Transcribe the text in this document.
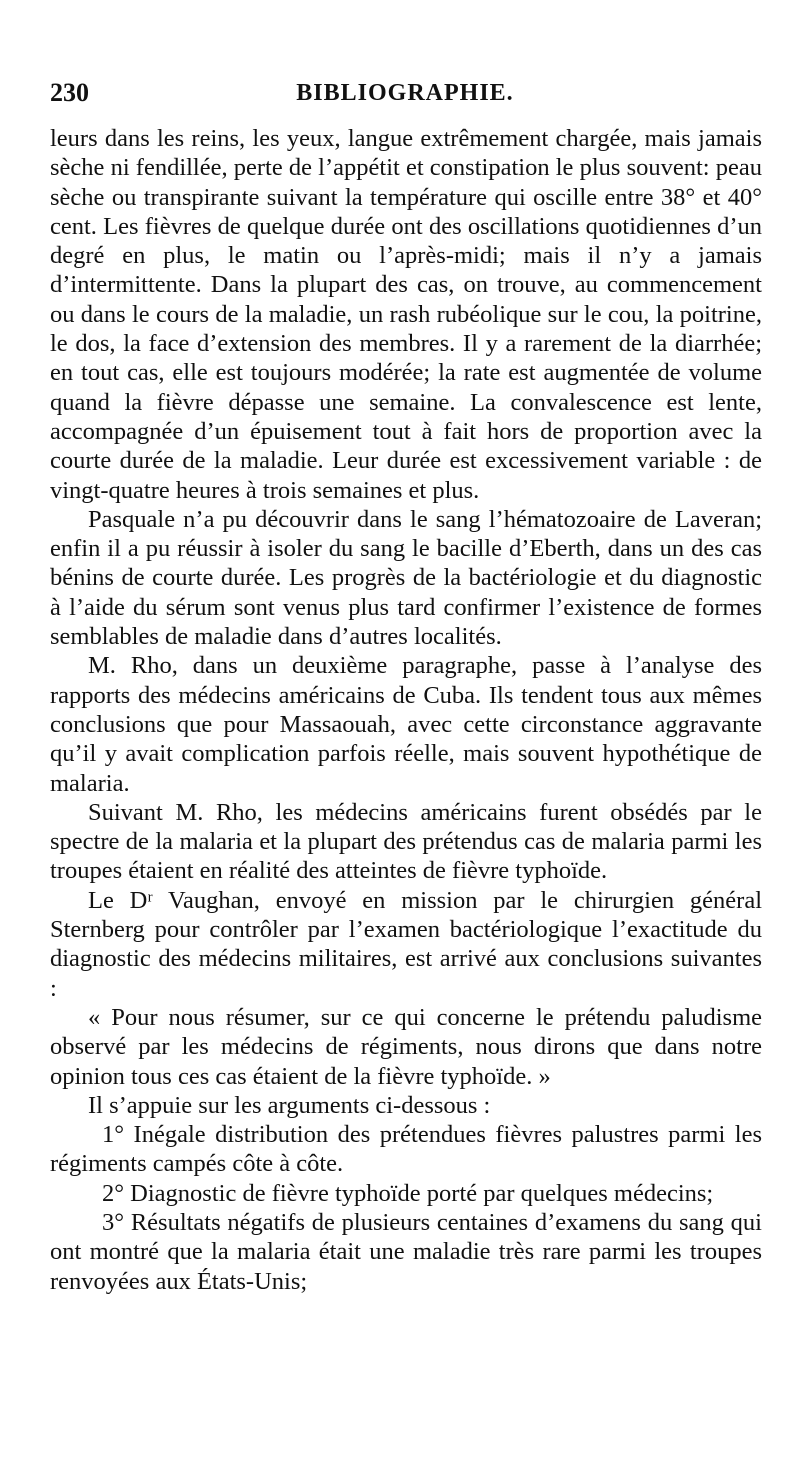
230	BIBLIOGRAPHIE.

leurs dans les reins, les yeux, langue extrêmement chargée, mais jamais sèche ni fendillée, perte de l’appétit et constipation le plus souvent: peau sèche ou transpirante suivant la température qui oscille entre 38° et 40° cent. Les fièvres de quelque durée ont des oscillations quotidiennes d’un degré en plus, le matin ou l’après-midi; mais il n’y a jamais d’intermittente. Dans la plupart des cas, on trouve, au commencement ou dans le cours de la maladie, un rash rubéolique sur le cou, la poitrine, le dos, la face d’extension des membres. Il y a rarement de la diarrhée; en tout cas, elle est toujours modérée; la rate est augmentée de volume quand la fièvre dépasse une semaine. La convalescence est lente, accompagnée d’un épuisement tout à fait hors de proportion avec la courte durée de la maladie. Leur durée est excessivement variable : de vingt-quatre heures à trois semaines et plus.

Pasquale n’a pu découvrir dans le sang l’hématozoaire de Laveran; enfin il a pu réussir à isoler du sang le bacille d’Eberth, dans un des cas bénins de courte durée. Les progrès de la bactériologie et du diagnostic à l’aide du sérum sont venus plus tard confirmer l’existence de formes semblables de maladie dans d’autres localités.

M. Rho, dans un deuxième paragraphe, passe à l’analyse des rapports des médecins américains de Cuba. Ils tendent tous aux mêmes conclusions que pour Massaouah, avec cette circonstance aggravante qu’il y avait complication parfois réelle, mais souvent hypothétique de malaria.

Suivant M. Rho, les médecins américains furent obsédés par le spectre de la malaria et la plupart des prétendus cas de malaria parmi les troupes étaient en réalité des atteintes de fièvre typhoïde.

Le Dʳ Vaughan, envoyé en mission par le chirurgien général Sternberg pour contrôler par l’examen bactériologique l’exactitude du diagnostic des médecins militaires, est arrivé aux conclusions suivantes :

« Pour nous résumer, sur ce qui concerne le prétendu paludisme observé par les médecins de régiments, nous dirons que dans notre opinion tous ces cas étaient de la fièvre typhoïde. »

Il s’appuie sur les arguments ci-dessous :

1° Inégale distribution des prétendues fièvres palustres parmi les régiments campés côte à côte.

2° Diagnostic de fièvre typhoïde porté par quelques médecins;

3° Résultats négatifs de plusieurs centaines d’examens du sang qui ont montré que la malaria était une maladie très rare parmi les troupes renvoyées aux États-Unis;
